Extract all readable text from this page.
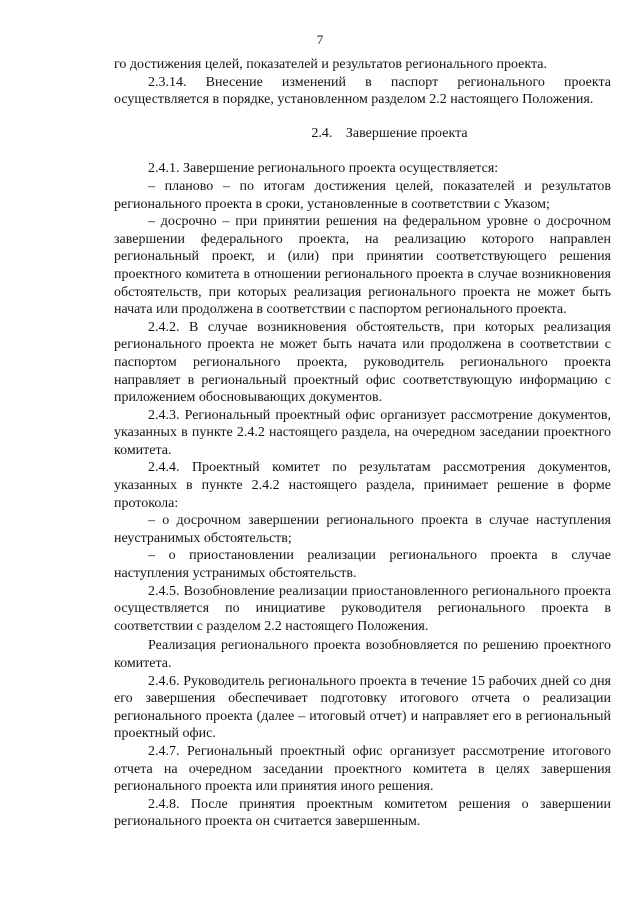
7

го достижения целей, показателей и результатов регионального проекта.

2.3.14. Внесение изменений в паспорт регионального проекта осуществляется в порядке, установленном разделом 2.2 настоящего Положения.

2.4. Завершение проекта

2.4.1. Завершение регионального проекта осуществляется:

– планово – по итогам достижения целей, показателей и результатов регионального проекта в сроки, установленные в соответствии с Указом;

– досрочно – при принятии решения на федеральном уровне о досрочном завершении федерального проекта, на реализацию которого направлен региональный проект, и (или) при принятии соответствующего решения проектного комитета в отношении регионального проекта в случае возникновения обстоятельств, при которых реализация регионального проекта не может быть начата или продолжена в соответствии с паспортом регионального проекта.

2.4.2. В случае возникновения обстоятельств, при которых реализация регионального проекта не может быть начата или продолжена в соответствии с паспортом регионального проекта, руководитель регионального проекта направляет в региональный проектный офис соответствующую информацию с приложением обосновывающих документов.

2.4.3. Региональный проектный офис организует рассмотрение документов, указанных в пункте 2.4.2 настоящего раздела, на очередном заседании проектного комитета.

2.4.4. Проектный комитет по результатам рассмотрения документов, указанных в пункте 2.4.2 настоящего раздела, принимает решение в форме протокола:

– о досрочном завершении регионального проекта в случае наступления неустранимых обстоятельств;

– о приостановлении реализации регионального проекта в случае наступления устранимых обстоятельств.

2.4.5. Возобновление реализации приостановленного регионального проекта осуществляется по инициативе руководителя регионального проекта в соответствии с разделом 2.2 настоящего Положения.

Реализация регионального проекта возобновляется по решению проектного комитета.

2.4.6. Руководитель регионального проекта в течение 15 рабочих дней со дня его завершения обеспечивает подготовку итогового отчета о реализации регионального проекта (далее – итоговый отчет) и направляет его в региональный проектный офис.

2.4.7. Региональный проектный офис организует рассмотрение итогового отчета на очередном заседании проектного комитета в целях завершения регионального проекта или принятия иного решения.

2.4.8. После принятия проектным комитетом решения о завершении регионального проекта он считается завершенным.
